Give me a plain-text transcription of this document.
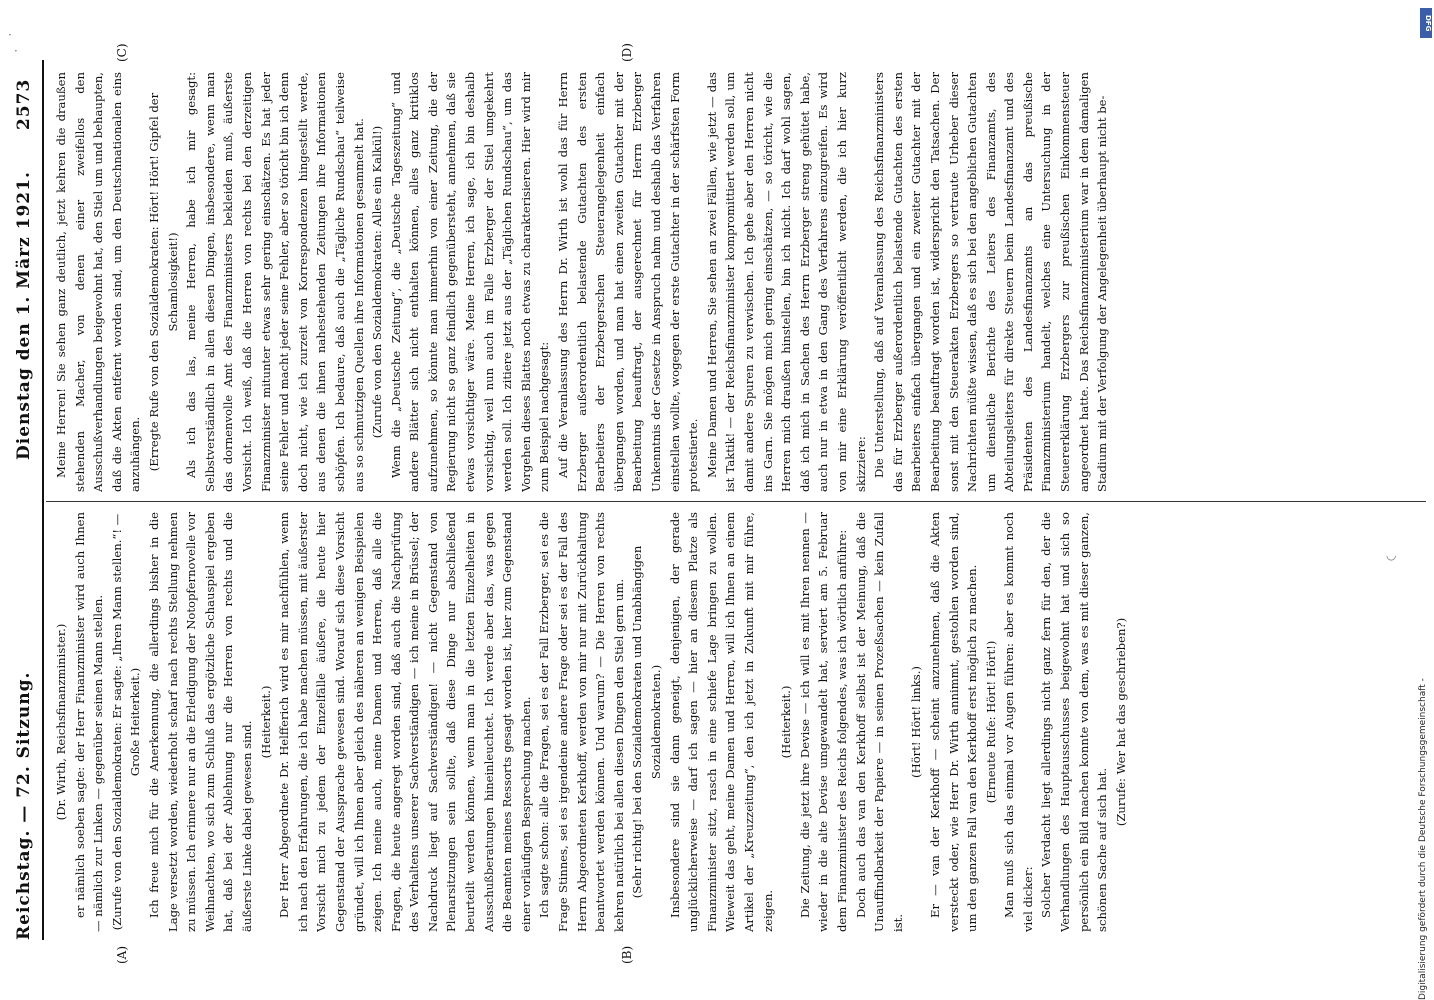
Reichstag. — 72. Sitzung.
Dienstag den 1. März 1921.
2573
(A)	(B)
(C)	(D)

(Dr. Wirth, Reichsfinanzminister.) er nämlich soeben sagte: der Herr Finanzminister wird auch Ihnen — nämlich zur Linken — gegenüber seinen Mann stellen. (Zurufe von den Sozialdemokraten: Er sagte: „Ihren Mann stellen.“! — Große Heiterkeit.) Ich freue mich für die Anerkennung, die allerdings bisher in die Lage versetzt worden, wiederholt scharf nach rechts Stellung nehmen zu müssen. Ich erinnere nur an die Erledigung der Notopfernovelle vor Weihnachten, wo sich zum Schluß das ergötzliche Schauspiel ergeben hat, daß bei der Ablehnung nur die Herren von rechts und die äußerste Linke dabei gewesen sind. (Heiterkeit.) Der Herr Abgeordnete Dr. Helfferich wird es mir nachfühlen, wenn ich nach den Erfahrungen, die ich habe machen müssen, mit äußerster Vorsicht mich zu jedem der Einzelfälle äußere, die heute hier Gegenstand der Aussprache gewesen sind. Worauf sich diese Vorsicht gründet, will ich Ihnen aber gleich des näheren an wenigen Beispielen zeigen. Ich meine auch, meine Damen und Herren, daß alle die Fragen, die heute angeregt worden sind, daß auch die Nachprüfung des Verhaltens unserer Sachverständigen — ich meine in Brüssel; der Nachdruck liegt auf Sachverständigen! — nicht Gegenstand von Plenarsitzungen sein sollte, daß diese Dinge nur abschließend beurteilt werden können, wenn man in die letzten Einzelheiten in Ausschußberatungen hineinleuchtet. Ich werde aber das, was gegen die Beamten meines Ressorts gesagt worden ist, hier zum Gegenstand einer vorläufigen Besprechung machen. Ich sagte schon: alle die Fragen, sei es der Fall Erzberger, sei es die Frage Stinnes, sei es irgendeine andere Frage oder sei es der Fall des Herrn Abgeordneten Kerkhoff, werden von mir nur mit Zurückhaltung beantwortet werden können. Und warum? — Die Herren von rechts kehren natürlich bei allen diesen Dingen den Stiel gern um. (Sehr richtig! bei den Sozialdemokraten und Unabhängigen Sozialdemokraten.) Insbesondere sind sie dann geneigt, denjenigen, der gerade unglücklicherweise — darf ich sagen — hier an diesem Platze als Finanzminister sitzt, rasch in eine schiefe Lage bringen zu wollen. Wieweit das geht, meine Damen und Herren, will ich Ihnen an einem Artikel der „Kreuzzeitung“, den ich jetzt in Zukunft mit mir führe, zeigen.

(Heiterkeit.) Die Zeitung, die jetzt ihre Devise — ich will es mit Ihren nennen — wieder in die alte Devise umgewandelt hat, serviert am 5. Februar dem Finanzminister des Reichs folgendes, was ich wörtlich anführe: Doch auch das van den Kerkhoff selbst ist der Meinung, daß die Unauffindbarkeit der Papiere — in seinen Prozeßsachen — kein Zufall ist.

(Hört! Hört! links.) Er — van der Kerkhoff — scheint anzunehmen, daß die Akten versteckt oder, wie Herr Dr. Wirth annimmt, gestohlen worden sind, um den ganzen Fall van den Kerkhoff erst möglich zu machen. (Erneute Rufe: Hört! Hört!) Man muß sich das einmal vor Augen führen: aber es kommt noch viel dicker: Solcher Verdacht liegt allerdings nicht ganz fern für den, der die Verhandlungen des Hauptausschusses beigewohnt hat und sich so persönlich ein Bild machen konnte von dem, was es mit dieser ganzen, schönen Sache auf sich hat.

(Zurufe: Wer hat das geschrieben?)

Meine Herren! Sie sehen ganz deutlich, jetzt kehren die draußen stehenden Macher, von denen einer zweifellos den Ausschußverhandlungen beigewohnt hat, den Stiel um und behaupten, daß die Akten entfernt worden sind, um den Deutschnationalen eins anzuhängen. (Erregte Rufe von den Sozialdemokraten: Hört! Hört! Gipfel der Schamlosigkeit!) Als ich das las, meine Herren, habe ich mir gesagt: Selbstverständlich in allen diesen Dingen, insbesondere, wenn man das dornenvolle Amt des Finanzministers bekleiden muß, äußerste Vorsicht. Ich weiß, daß die Herren von rechts bei den derzeitigen Finanzminister mitunter etwas sehr gering einschätzen. Es hat jeder seine Fehler und macht jeder seine Fehler, aber so töricht bin ich denn doch nicht, wie ich zurzeit von Korrespondenzen hingestellt werde, aus denen die ihnen nahestehenden Zeitungen ihre Informationen schöpfen. Ich bedaure, daß auch die „Tägliche Rundschau“ teilweise aus so schmutzigen Quellen ihre Informationen gesammelt hat. (Zurufe von den Sozialdemokraten: Alles ein Kalkül!) Wenn die „Deutsche Zeitung“, die „Deutsche Tageszeitung“ und andere Blätter sich nicht enthalten können, alles ganz kritiklos aufzunehmen, so könnte man immerhin von einer Zeitung, die der Regierung nicht so ganz feindlich gegenübersteht, annehmen, daß sie etwas vorsichtiger wäre. Meine Herren, ich sage, ich bin deshalb vorsichtig, weil nun auch im Falle Erzberger der Stiel umgekehrt werden soll. Ich zitiere jetzt aus der „Täglichen Rundschau“, um das Vorgehen dieses Blattes noch etwas zu charakterisieren. Hier wird mir zum Beispiel nachgesagt: Auf die Veranlassung des Herrn Dr. Wirth ist wohl das für Herrn Erzberger außerordentlich belastende Gutachten des ersten Bearbeiters der Erzbergerschen Steuerangelegenheit einfach übergangen worden, und man hat einen zweiten Gutachter mit der Bearbeitung beauftragt, der ausgerechnet für Herrn Erzberger Unkenntnis der Gesetze in Anspruch nahm und deshalb das Verfahren einstellen wollte, wogegen der erste Gutachter in der schärfsten Form protestierte. Meine Damen und Herren, Sie sehen an zwei Fällen, wie jetzt — das ist Taktik! — der Reichsfinanzminister kompromittiert werden soll, um damit andere Spuren zu verwischen. Ich gehe aber den Herren nicht ins Garn. Sie mögen mich gering einschätzen, — so töricht, wie die Herren mich draußen hinstellen, bin ich nicht. Ich darf wohl sagen, daß ich mich in Sachen des Herrn Erzberger streng gehütet habe, auch nur in etwa in den Gang des Verfahrens einzugreifen. Es wird von mir eine Erklärung veröffentlicht werden, die ich hier kurz skizziere: Die Unterstellung, daß auf Veranlassung des Reichsfinanzministers das für Erzberger außerordentlich belastende Gutachten des ersten Bearbeiters einfach übergangen und ein zweiter Gutachter mit der Bearbeitung beauftragt worden ist, widerspricht den Tatsachen. Der sonst mit den Steuerakten Erzbergers so vertraute Urheber dieser Nachrichten müßte wissen, daß es sich bei den angeblichen Gutachten um dienstliche Berichte des Leiters des Finanzamts, des Abteilungsleiters für direkte Steuern beim Landesfinanzamt und des Präsidenten des Landesfinanzamts an das preußische Finanzministerium handelt, welches eine Untersuchung in der Steuererklärung Erzbergers zur preußischen Einkommensteuer angeordnet hatte. Das Reichsfinanzministerium war in dem damaligen Stadium mit der Verfolgung der Angelegenheit überhaupt nicht be-

·
·
◡
DFG
Digitalisierung gefördert durch die Deutsche Forschungsgemeinschaft -
